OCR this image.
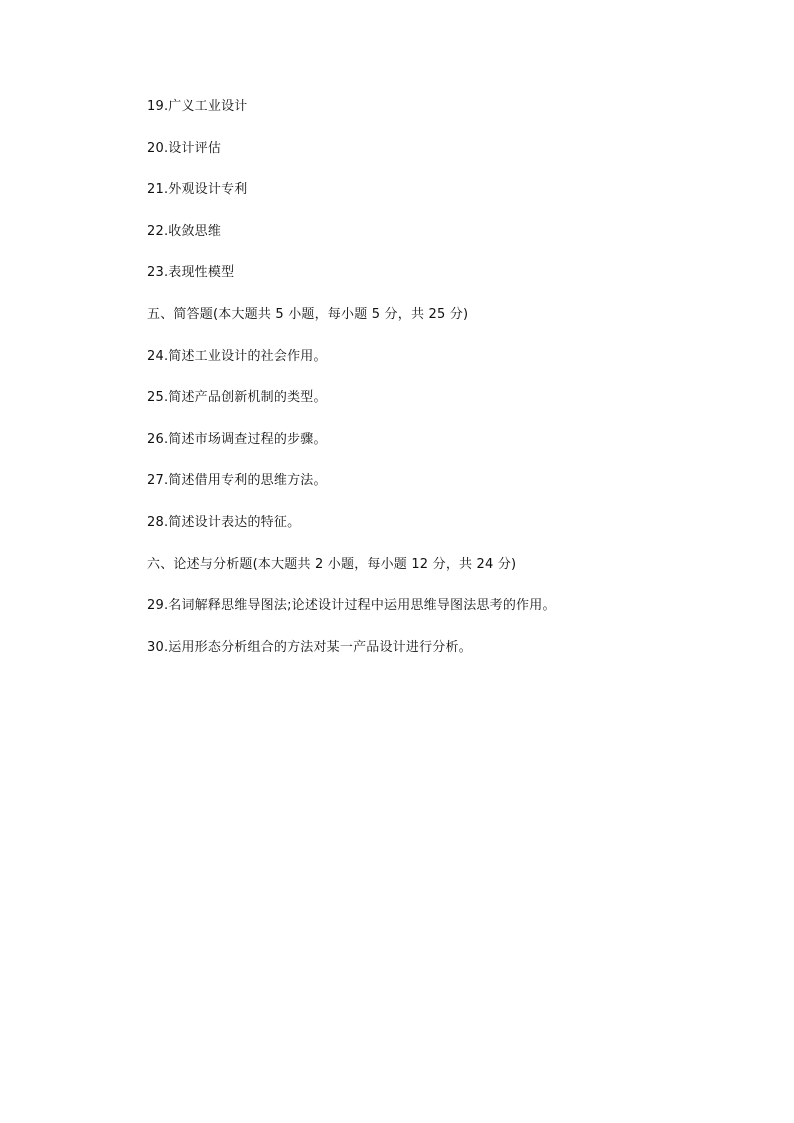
19.广义工业设计
20.设计评估
21.外观设计专利
22.收敛思维
23.表现性模型
五、简答题(本大题共 5 小题，每小题 5 分，共 25 分)
24.简述工业设计的社会作用。
25.简述产品创新机制的类型。
26.简述市场调查过程的步骤。
27.简述借用专利的思维方法。
28.简述设计表达的特征。
六、论述与分析题(本大题共 2 小题，每小题 12 分，共 24 分)
29.名词解释思维导图法;论述设计过程中运用思维导图法思考的作用。
30.运用形态分析组合的方法对某一产品设计进行分析。
